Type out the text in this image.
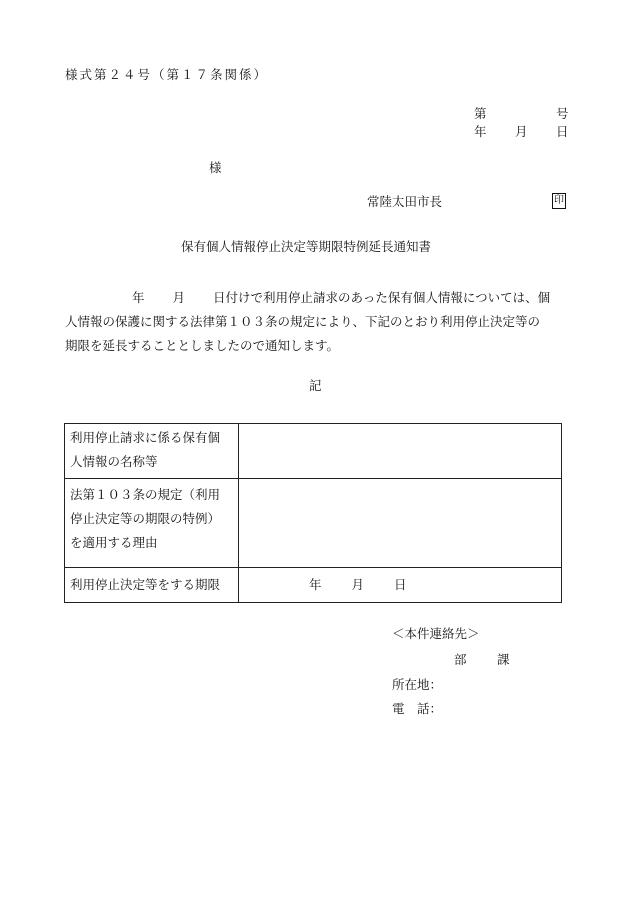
様式第２４号（第１７条関係）
第	号
年 月 日
様
常陸太田市長	印
保有個人情報停止決定等期限特例延長通知書
年 月 日付けで利用停止請求のあった保有個人情報については、個
人情報の保護に関する法律第１０３条の規定により、下記のとおり利用停止決定等の
期限を延長することとしましたので通知します。
記
利用停止請求に係る保有個
人情報の名称等	

法第１０３条の規定（利用
停止決定等の期限の特例）
を適用する理由	

利用停止決定等をする期限	年 月 日
＜本件連絡先＞
部 課
所在地：
電　話：
